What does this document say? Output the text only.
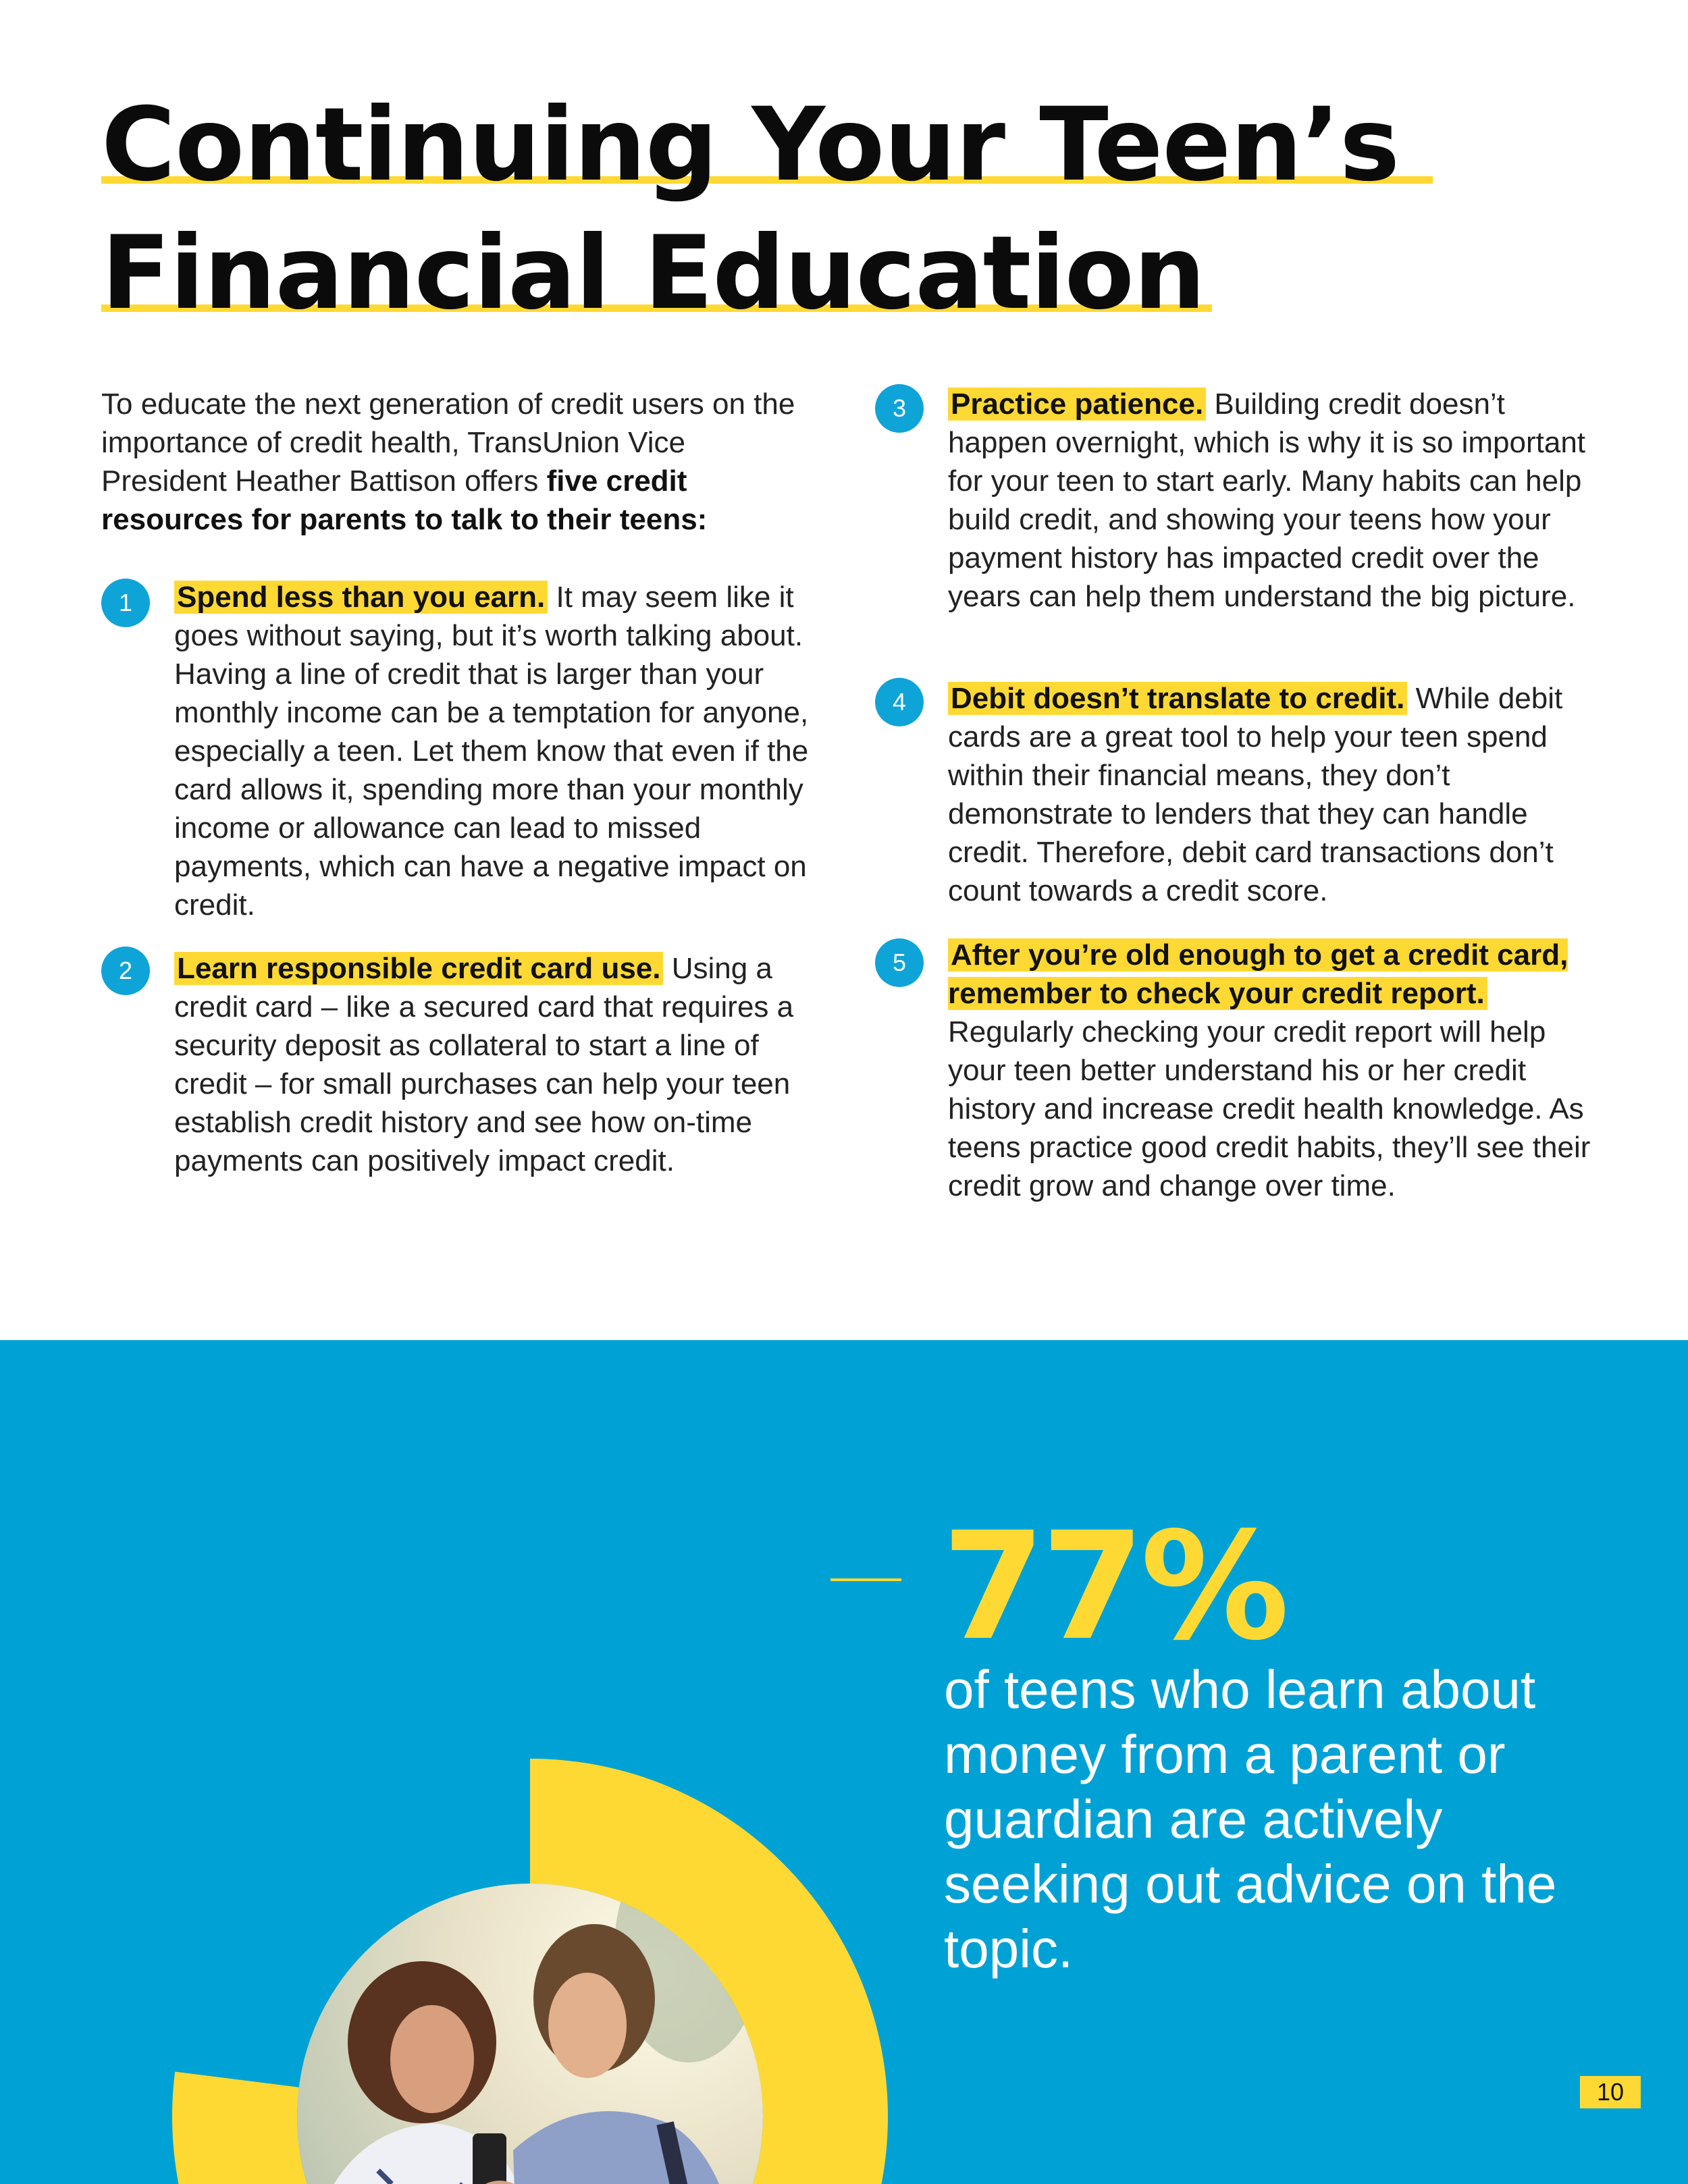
Continuing Your Teen’s

Financial Education
To educate the next generation of credit users on the importance of credit health, TransUnion Vice President Heather Battison offers five credit resources for parents to talk to their teens:
1	Spend less than you earn. It may seem like it goes without saying, but it’s worth talking about. Having a line of credit that is larger than your monthly income can be a temptation for anyone, especially a teen. Let them know that even if the card allows it, spending more than your monthly income or allowance can lead to missed payments, which can have a negative impact on credit.
2	Learn responsible credit card use. Using a credit card – like a secured card that requires a security deposit as collateral to start a line of credit – for small purchases can help your teen establish credit history and see how on-time payments can positively impact credit.
3	Practice patience. Building credit doesn’t happen overnight, which is why it is so important for your teen to start early. Many habits can help build credit, and showing your teens how your payment history has impacted credit over the years can help them understand the big picture.
4	Debit doesn’t translate to credit. While debit cards are a great tool to help your teen spend within their financial means, they don’t demonstrate to lenders that they can handle credit. Therefore, debit card transactions don’t count towards a credit score.
5	After you’re old enough to get a credit card, remember to check your credit report. Regularly checking your credit report will help your teen better understand his or her credit history and increase credit health knowledge. As teens practice good credit habits, they’ll see their credit grow and change over time.
77%
of teens who learn about money from a parent or guardian are actively seeking out advice on the topic.
10
